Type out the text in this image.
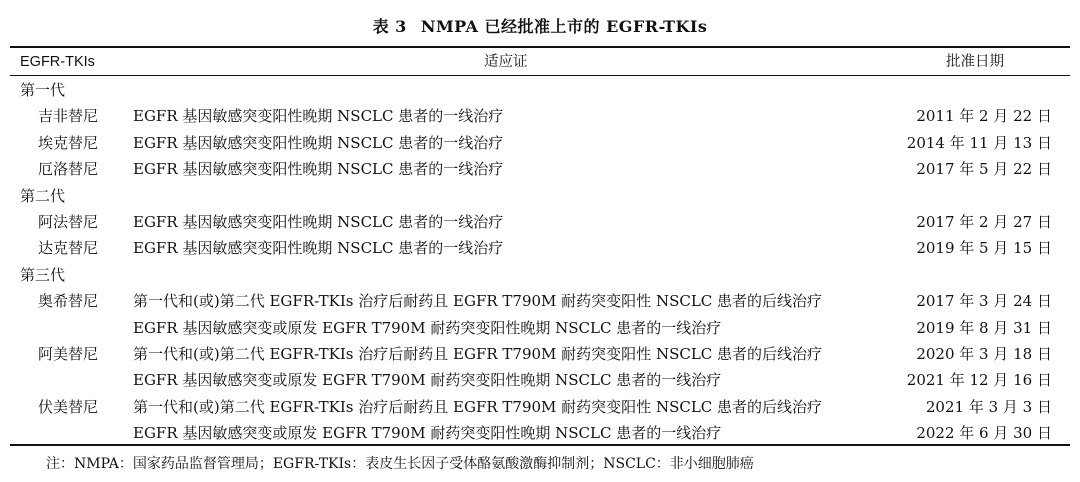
表 3 NMPA 已经批准上市的 EGFR-TKIs
EGFR-TKIs	适应证	批准日期
第一代
吉非替尼 EGFR 基因敏感突变阳性晚期 NSCLC 患者的一线治疗	2011 年 2 月 22 日
埃克替尼 EGFR 基因敏感突变阳性晚期 NSCLC 患者的一线治疗	2014 年 11 月 13 日
厄洛替尼 EGFR 基因敏感突变阳性晚期 NSCLC 患者的一线治疗	2017 年 5 月 22 日
第二代
阿法替尼 EGFR 基因敏感突变阳性晚期 NSCLC 患者的一线治疗	2017 年 2 月 27 日
达克替尼 EGFR 基因敏感突变阳性晚期 NSCLC 患者的一线治疗	2019 年 5 月 15 日
第三代
奥希替尼 第一代和(或)第二代 EGFR-TKIs 治疗后耐药且 EGFR T790M 耐药突变阳性 NSCLC 患者的后线治疗	2017 年 3 月 24 日
EGFR 基因敏感突变或原发 EGFR T790M 耐药突变阳性晚期 NSCLC 患者的一线治疗	2019 年 8 月 31 日
阿美替尼 第一代和(或)第二代 EGFR-TKIs 治疗后耐药且 EGFR T790M 耐药突变阳性 NSCLC 患者的后线治疗	2020 年 3 月 18 日
EGFR 基因敏感突变或原发 EGFR T790M 耐药突变阳性晚期 NSCLC 患者的一线治疗	2021 年 12 月 16 日
伏美替尼 第一代和(或)第二代 EGFR-TKIs 治疗后耐药且 EGFR T790M 耐药突变阳性 NSCLC 患者的后线治疗	2021 年 3 月 3 日
EGFR 基因敏感突变或原发 EGFR T790M 耐药突变阳性晚期 NSCLC 患者的一线治疗	2022 年 6 月 30 日
注：NMPA：国家药品监督管理局；EGFR-TKIs：表皮生长因子受体酪氨酸激酶抑制剂；NSCLC：非小细胞肺癌
